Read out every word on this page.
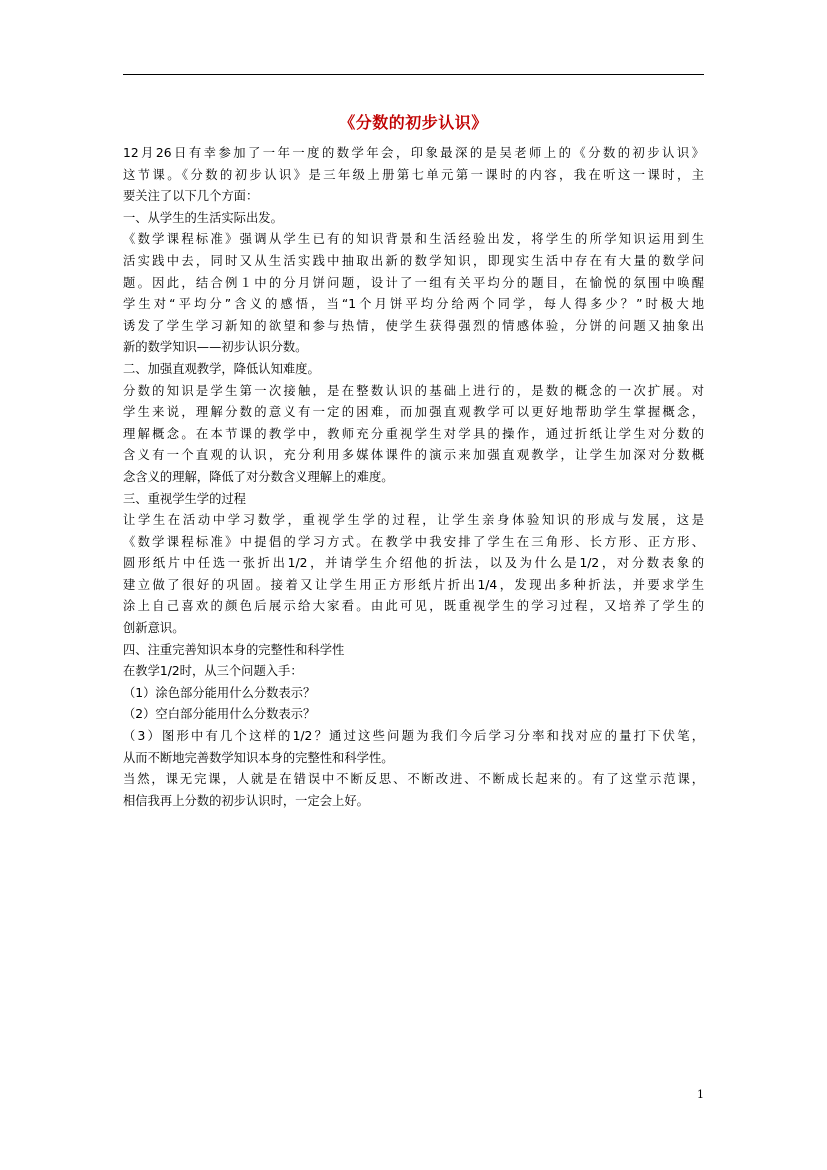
《分数的初步认识》
12月26日有幸参加了一年一度的数学年会，印象最深的是吴老师上的《分数的初步认识》
这节课。《分数的初步认识》是三年级上册第七单元第一课时的内容，我在听这一课时，主
要关注了以下几个方面：
一、从学生的生活实际出发。
《数学课程标准》强调从学生已有的知识背景和生活经验出发，将学生的所学知识运用到生
活实践中去，同时又从生活实践中抽取出新的数学知识，即现实生活中存在有大量的数学问
题。因此，结合例１中的分月饼问题，设计了一组有关平均分的题目，在愉悦的氛围中唤醒
学生对“平均分”含义的感悟，当“1个月饼平均分给两个同学，每人得多少？”时极大地
诱发了学生学习新知的欲望和参与热情，使学生获得强烈的情感体验，分饼的问题又抽象出
新的数学知识——初步认识分数。
二、加强直观教学，降低认知难度。
分数的知识是学生第一次接触，是在整数认识的基础上进行的，是数的概念的一次扩展。对
学生来说，理解分数的意义有一定的困难，而加强直观教学可以更好地帮助学生掌握概念，
理解概念。在本节课的教学中，教师充分重视学生对学具的操作，通过折纸让学生对分数的
含义有一个直观的认识，充分利用多媒体课件的演示来加强直观教学，让学生加深对分数概
念含义的理解，降低了对分数含义理解上的难度。
三、重视学生学的过程
让学生在活动中学习数学，重视学生学的过程，让学生亲身体验知识的形成与发展，这是
《数学课程标准》中提倡的学习方式。在教学中我安排了学生在三角形、长方形、正方形、
圆形纸片中任选一张折出1/2，并请学生介绍他的折法，以及为什么是1/2，对分数表象的
建立做了很好的巩固。接着又让学生用正方形纸片折出1/4，发现出多种折法，并要求学生
涂上自己喜欢的颜色后展示给大家看。由此可见，既重视学生的学习过程，又培养了学生的
创新意识。
四、注重完善知识本身的完整性和科学性
在教学1/2时，从三个问题入手：
（1）涂色部分能用什么分数表示？
（2）空白部分能用什么分数表示？
（3）图形中有几个这样的1/2？通过这些问题为我们今后学习分率和找对应的量打下伏笔，
从而不断地完善数学知识本身的完整性和科学性。
当然，课无完课，人就是在错误中不断反思、不断改进、不断成长起来的。有了这堂示范课，
相信我再上分数的初步认识时，一定会上好。
1
